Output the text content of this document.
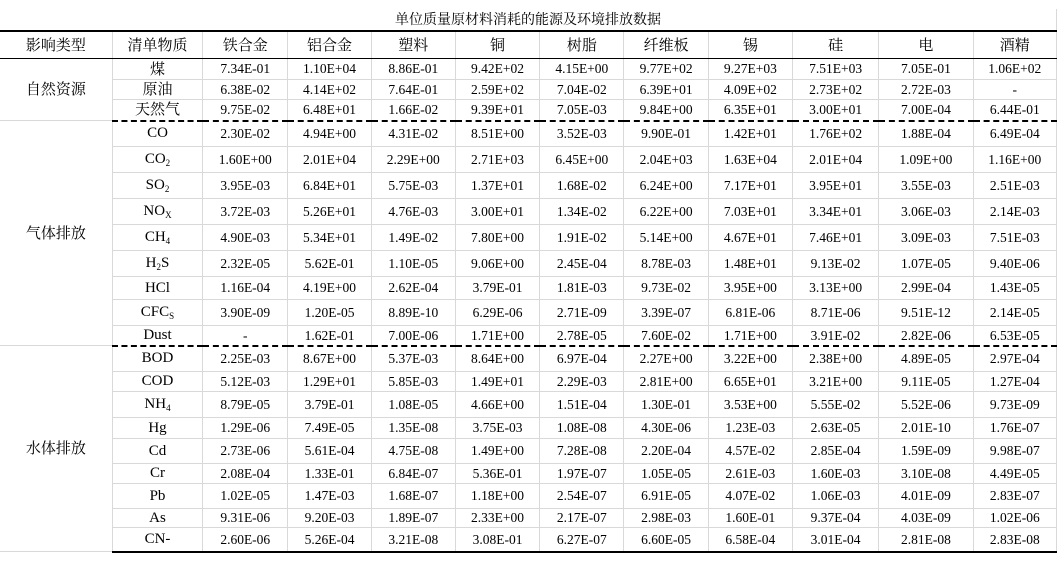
单位质量原材料消耗的能源及环境排放数据											
影响类型	清单物质	铁合金	铝合金	塑料	铜	树脂	纤维板	锡	硅	电	酒精
自然资源	煤	7.34E-01	1.10E+04	8.86E-01	9.42E+02	4.15E+00	9.77E+02	9.27E+03	7.51E+03	7.05E-01	1.06E+02
	原油	6.38E-02	4.14E+02	7.64E-01	2.59E+02	7.04E-02	6.39E+01	4.09E+02	2.73E+02	2.72E-03	-
	天然气	9.75E-02	6.48E+01	1.66E-02	9.39E+01	7.05E-03	9.84E+00	6.35E+01	3.00E+01	7.00E-04	6.44E-01
气体排放	CO	2.30E-02	4.94E+00	4.31E-02	8.51E+00	3.52E-03	9.90E-01	1.42E+01	1.76E+02	1.88E-04	6.49E-04
	$CO_2$	1.60E+00	2.01E+04	2.29E+00	2.71E+03	6.45E+00	2.04E+03	1.63E+04	2.01E+04	1.09E+00	1.16E+00
	$SO_2$	3.95E-03	6.84E+01	5.75E-03	1.37E+01	1.68E-02	6.24E+00	7.17E+01	3.95E+01	3.55E-03	2.51E-03
	$NO_X$	3.72E-03	5.26E+01	4.76E-03	3.00E+01	1.34E-02	6.22E+00	7.03E+01	3.34E+01	3.06E-03	2.14E-03
	$CH_4$	4.90E-03	5.34E+01	1.49E-02	7.80E+00	1.91E-02	5.14E+00	4.67E+01	7.46E+01	3.09E-03	7.51E-03
	$H_2S$	2.32E-05	5.62E-01	1.10E-05	9.06E+00	2.45E-04	8.78E-03	1.48E+01	9.13E-02	1.07E-05	9.40E-06
	HCl	1.16E-04	4.19E+00	2.62E-04	3.79E-01	1.81E-03	9.73E-02	3.95E+00	3.13E+00	2.99E-04	1.43E-05
	$CFC_S$	3.90E-09	1.20E-05	8.89E-10	6.29E-06	2.71E-09	3.39E-07	6.81E-06	8.71E-06	9.51E-12	2.14E-05
	Dust	-	1.62E-01	7.00E-06	1.71E+00	2.78E-05	7.60E-02	1.71E+00	3.91E-02	2.82E-06	6.53E-05
水体排放	BOD	2.25E-03	8.67E+00	5.37E-03	8.64E+00	6.97E-04	2.27E+00	3.22E+00	2.38E+00	4.89E-05	2.97E-04
	COD	5.12E-03	1.29E+01	5.85E-03	1.49E+01	2.29E-03	2.81E+00	6.65E+01	3.21E+00	9.11E-05	1.27E-04
	$NH_4$	8.79E-05	3.79E-01	1.08E-05	4.66E+00	1.51E-04	1.30E-01	3.53E+00	5.55E-02	5.52E-06	9.73E-09
	Hg	1.29E-06	7.49E-05	1.35E-08	3.75E-03	1.08E-08	4.30E-06	1.23E-03	2.63E-05	2.01E-10	1.76E-07
	Cd	2.73E-06	5.61E-04	4.75E-08	1.49E+00	7.28E-08	2.20E-04	4.57E-02	2.85E-04	1.59E-09	9.98E-07
	Cr	2.08E-04	1.33E-01	6.84E-07	5.36E-01	1.97E-07	1.05E-05	2.61E-03	1.60E-03	3.10E-08	4.49E-05
	Pb	1.02E-05	1.47E-03	1.68E-07	1.18E+00	2.54E-07	6.91E-05	4.07E-02	1.06E-03	4.01E-09	2.83E-07
	As	9.31E-06	9.20E-03	1.89E-07	2.33E+00	2.17E-07	2.98E-03	1.60E-01	9.37E-04	4.03E-09	1.02E-06
	CN-	2.60E-06	5.26E-04	3.21E-08	3.08E-01	6.27E-07	6.60E-05	6.58E-04	3.01E-04	2.81E-08	2.83E-08
